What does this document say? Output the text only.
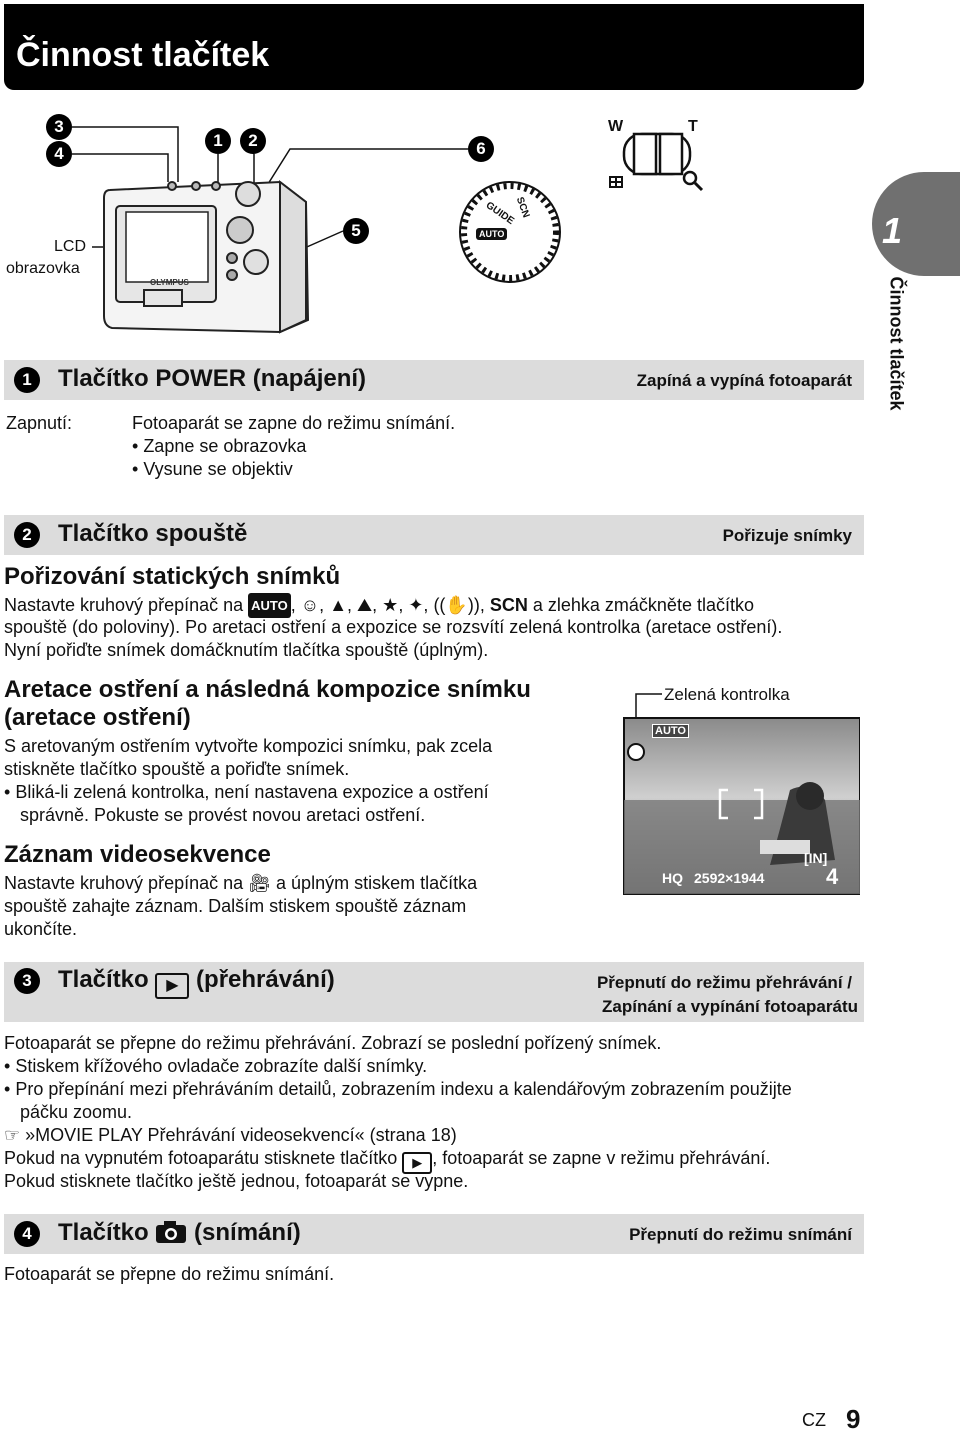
Činnost tlačítek
1
Činnost tlačítek
3
4
1	2	6
5
OLYMPUS
GUIDE
AUTO
SCN
W	T
LCD
obrazovka
1	Tlačítko POWER (napájení)	Zapíná a vypíná fotoaparát
Zapnutí:	Fotoaparát se zapne do režimu snímání.
• Zapne se obrazovka
• Vysune se objektiv
2	Tlačítko spouště	Pořizuje snímky
Pořizování statických snímků
Nastavte kruhový přepínač na AUTO , ☺, ▲, ⛰, ★, ✦, ((✋)), SCN a zlehka zmáčkněte tlačítko
spouště (do poloviny). Po aretaci ostření a expozice se rozsvítí zelená kontrolka (aretace ostření).
Nyní pořiďte snímek domáčknutím tlačítka spouště (úplným).
Aretace ostření a následná kompozice snímku
(aretace ostření)
S aretovaným ostřením vytvořte kompozici snímku, pak zcela
stiskněte tlačítko spouště a pořiďte snímek.
• Bliká-li zelená kontrolka, není nastavena expozice a ostření
správně. Pokuste se provést novou aretaci ostření.
Zelená kontrolka
AUTO
[IN]
HQ 2592×1944	4
Záznam videosekvence
Nastavte kruhový přepínač na 🎥︎ a úplným stiskem tlačítka
spouště zahajte záznam. Dalším stiskem spouště záznam
ukončíte.
3	Tlačítko ▶ (přehrávání)	Přepnutí do režimu přehrávání /
Zapínání a vypínání fotoaparátu
Fotoaparát se přepne do režimu přehrávání. Zobrazí se poslední pořízený snímek.
• Stiskem křížového ovladače zobrazíte další snímky.
• Pro přepínání mezi přehráváním detailů, zobrazením indexu a kalendářovým zobrazením použijte
páčku zoomu.
☞ »MOVIE PLAY Přehrávání videosekvencí« (strana 18)
Pokud na vypnutém fotoaparátu stisknete tlačítko ▶ , fotoaparát se zapne v režimu přehrávání.
Pokud stisknete tlačítko ještě jednou, fotoaparát se vypne.
4	Tlačítko (snímání)	Přepnutí do režimu snímání
Fotoaparát se přepne do režimu snímání.
CZ 9
